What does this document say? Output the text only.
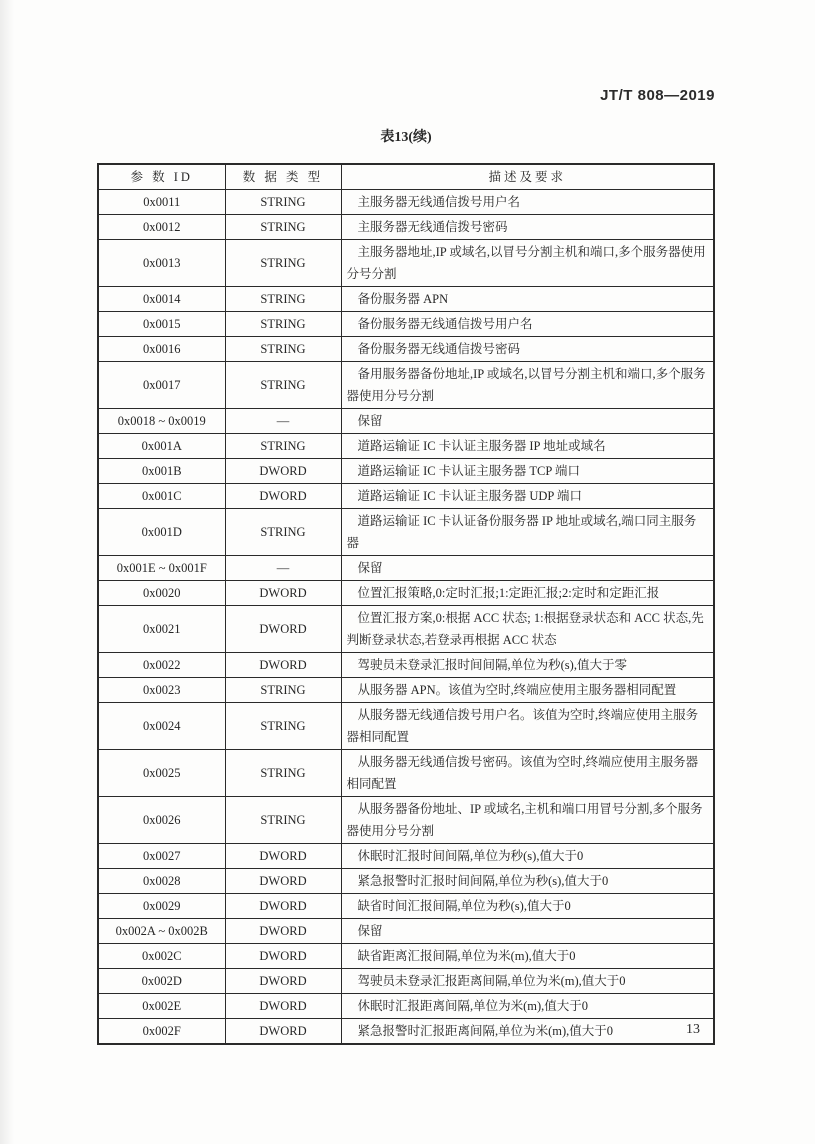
JT/T 808—2019
表13(续)
参 数 ID	数 据 类 型	描述及要求
0x0011	STRING	主服务器无线通信拨号用户名
0x0012	STRING	主服务器无线通信拨号密码
0x0013	STRING	主服务器地址,IP 或域名,以冒号分割主机和端口,多个服务器使用分号分割
0x0014	STRING	备份服务器 APN
0x0015	STRING	备份服务器无线通信拨号用户名
0x0016	STRING	备份服务器无线通信拨号密码
0x0017	STRING	备用服务器备份地址,IP 或域名,以冒号分割主机和端口,多个服务器使用分号分割
0x0018 ~ 0x0019	—	保留
0x001A	STRING	道路运输证 IC 卡认证主服务器 IP 地址或域名
0x001B	DWORD	道路运输证 IC 卡认证主服务器 TCP 端口
0x001C	DWORD	道路运输证 IC 卡认证主服务器 UDP 端口
0x001D	STRING	道路运输证 IC 卡认证备份服务器 IP 地址或域名,端口同主服务器
0x001E ~ 0x001F	—	保留
0x0020	DWORD	位置汇报策略,0:定时汇报;1:定距汇报;2:定时和定距汇报
0x0021	DWORD	位置汇报方案,0:根据 ACC 状态; 1:根据登录状态和 ACC 状态,先判断登录状态,若登录再根据 ACC 状态
0x0022	DWORD	驾驶员未登录汇报时间间隔,单位为秒(s),值大于零
0x0023	STRING	从服务器 APN。该值为空时,终端应使用主服务器相同配置
0x0024	STRING	从服务器无线通信拨号用户名。该值为空时,终端应使用主服务器相同配置
0x0025	STRING	从服务器无线通信拨号密码。该值为空时,终端应使用主服务器相同配置
0x0026	STRING	从服务器备份地址、IP 或域名,主机和端口用冒号分割,多个服务器使用分号分割
0x0027	DWORD	休眠时汇报时间间隔,单位为秒(s),值大于0
0x0028	DWORD	紧急报警时汇报时间间隔,单位为秒(s),值大于0
0x0029	DWORD	缺省时间汇报间隔,单位为秒(s),值大于0
0x002A ~ 0x002B	DWORD	保留
0x002C	DWORD	缺省距离汇报间隔,单位为米(m),值大于0
0x002D	DWORD	驾驶员未登录汇报距离间隔,单位为米(m),值大于0
0x002E	DWORD	休眠时汇报距离间隔,单位为米(m),值大于0
0x002F	DWORD	紧急报警时汇报距离间隔,单位为米(m),值大于0	13
